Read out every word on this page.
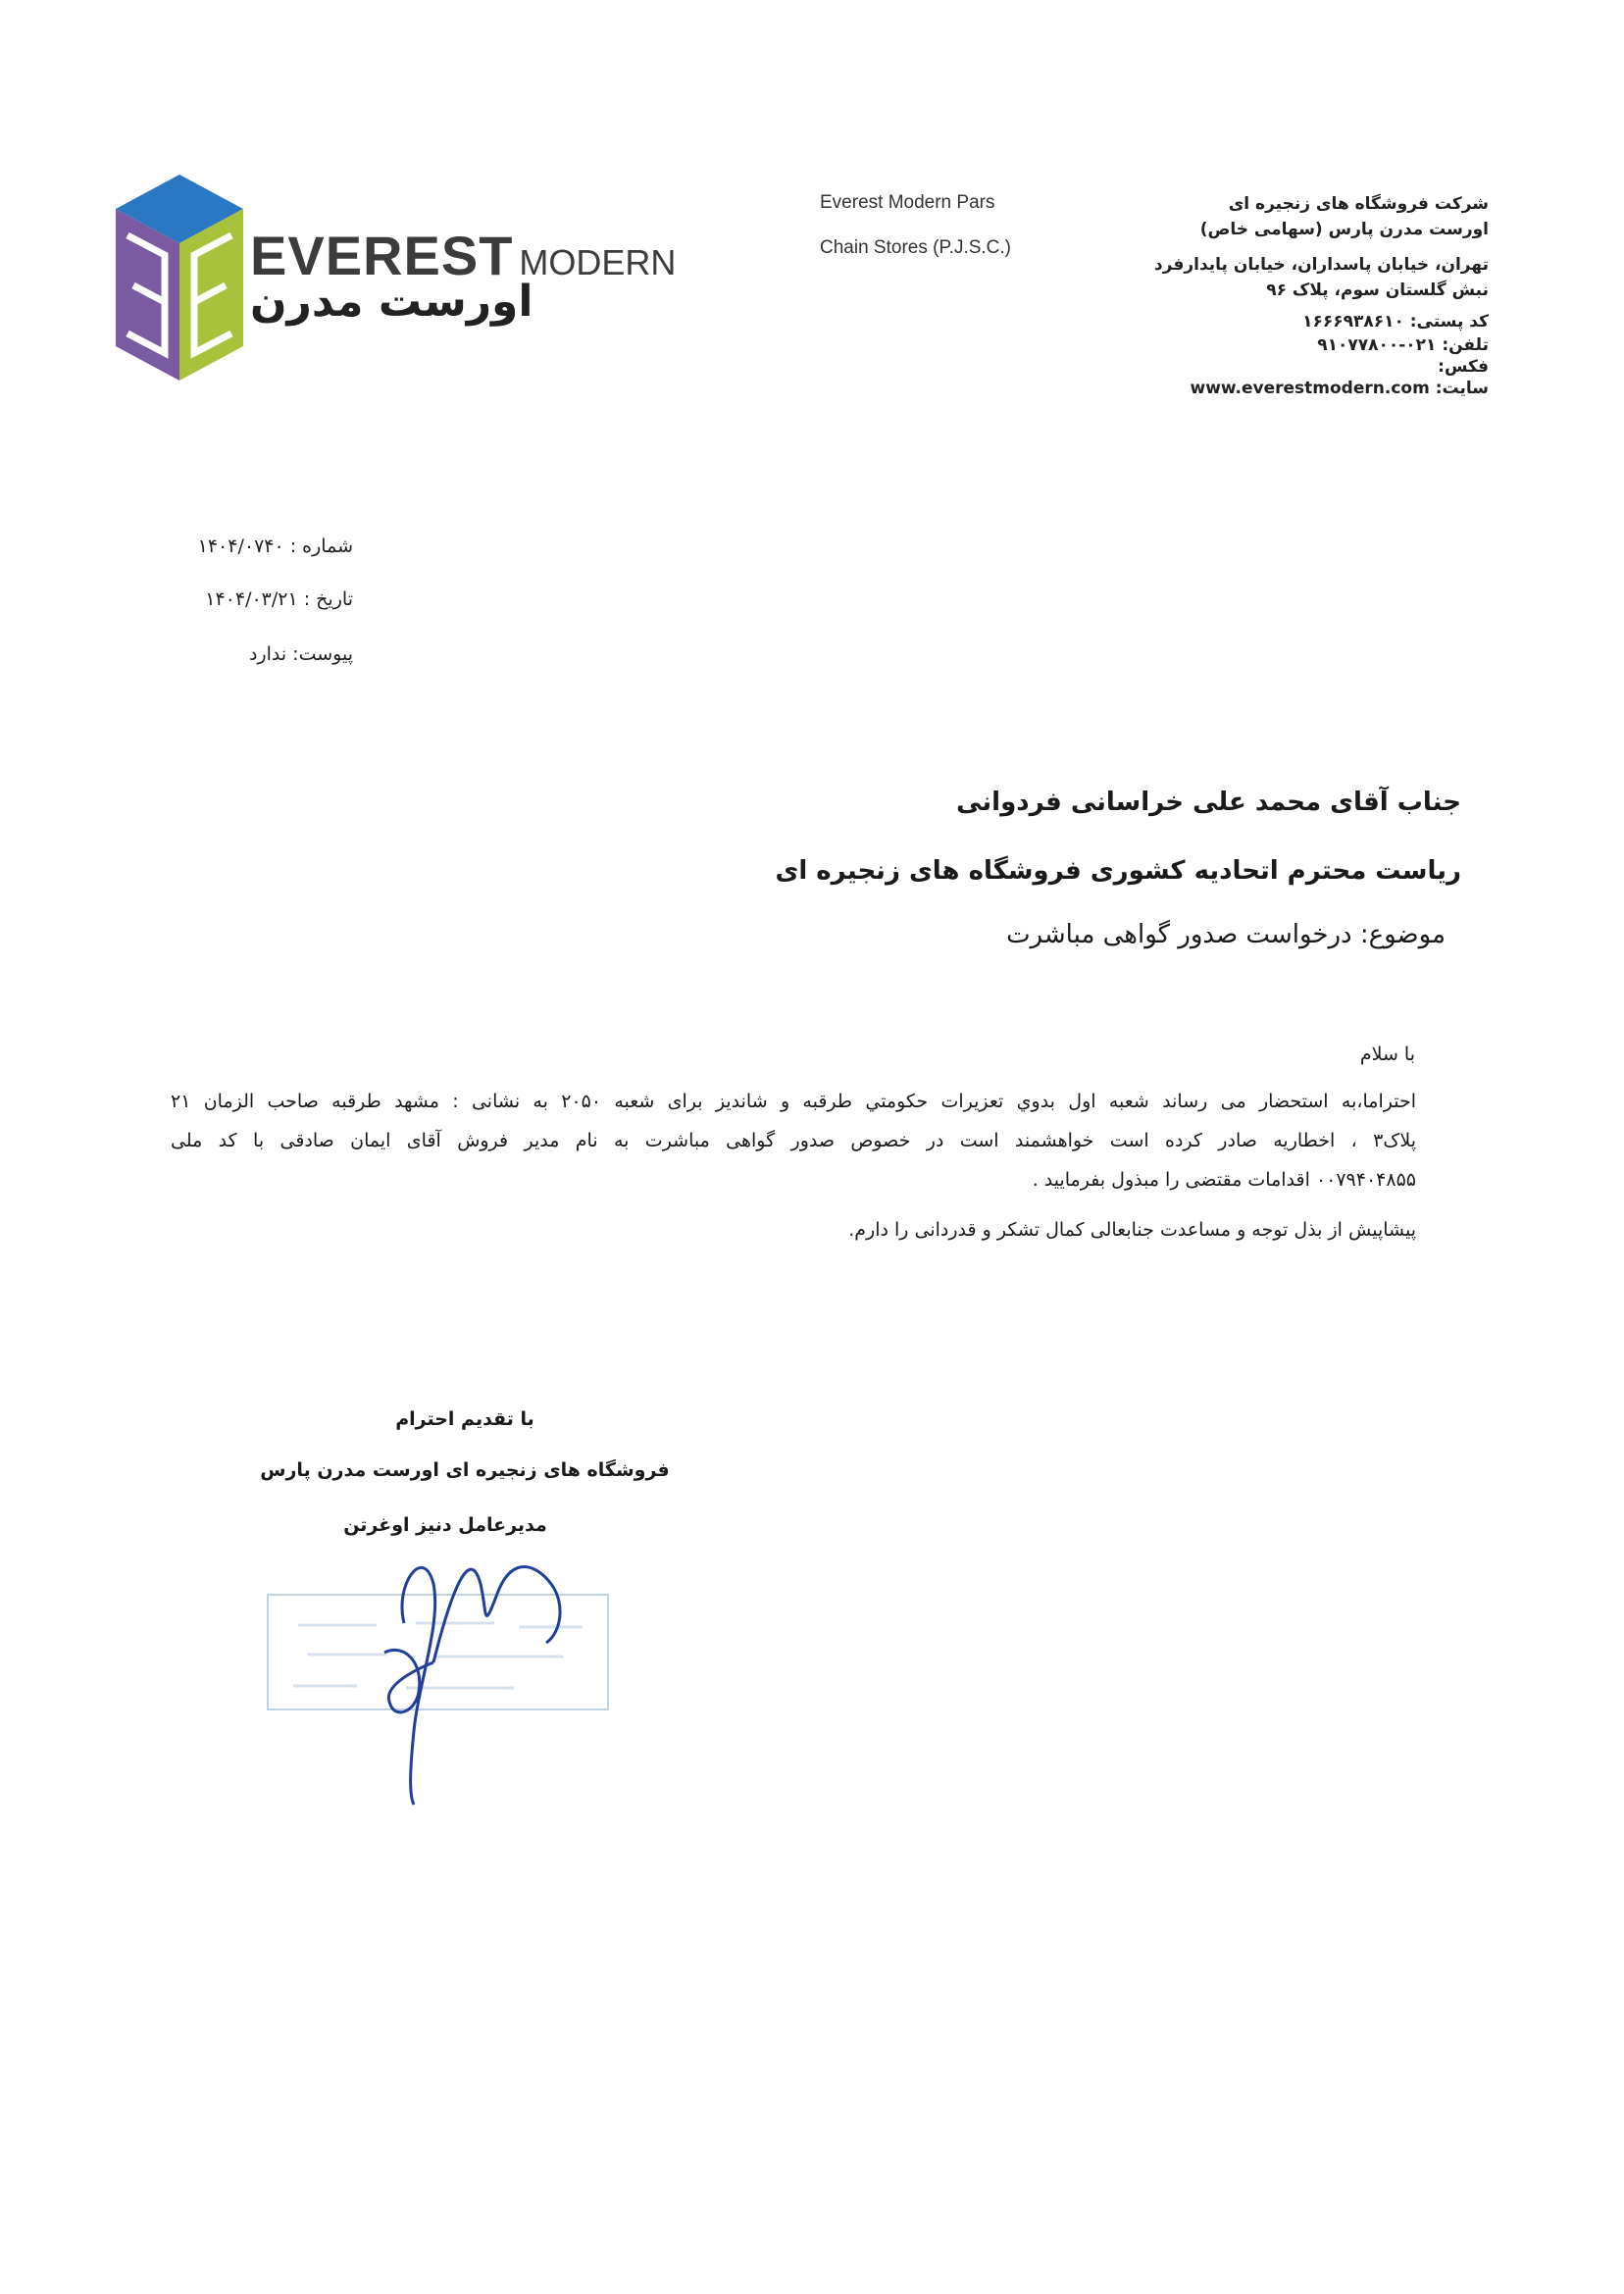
EVEREST MODERN
اورست مدرن
Everest Modern Pars
Chain Stores (P.J.S.C.)
شرکت فروشگاه های زنجیره ای
اورست مدرن پارس (سهامی خاص)
تهران، خیابان پاسداران، خیابان پایدارفرد
نبش گلستان سوم، پلاک ۹۶
کد پستی: ۱۶۶۶۹۳۸۶۱۰
تلفن: ۰۲۱-۹۱۰۷۷۸۰۰
فکس:
سایت: www.everestmodern.com
شماره : ۱۴۰۴/۰۷۴۰
تاریخ : ۱۴۰۴/۰۳/۲۱
پیوست: ندارد
جناب آقای محمد علی خراسانی فردوانی
ریاست محترم اتحادیه کشوری فروشگاه های زنجیره ای
موضوع: درخواست صدور گواهی مباشرت
با سلام
احتراما،به استحضار می رساند شعبه اول بدوي تعزيرات حكومتي طرقبه و شانديز برای شعبه ۲۰۵۰ به نشانی : مشهد طرقبه صاحب الزمان ۲۱
پلاک۳ ، اخطاریه صادر کرده است خواهشمند است در خصوص صدور گواهی مباشرت به نام مدیر فروش آقای ایمان صادقی با کد ملی
۰۰۷۹۴۰۴۸۵۵ اقدامات مقتضی را مبذول بفرمایید .
پیشاپیش از بذل توجه و مساعدت جنابعالی کمال تشکر و قدردانی را دارم.
با تقدیم احترام
فروشگاه های زنجیره ای اورست مدرن پارس
مدیرعامل دنیز اوغرتن
